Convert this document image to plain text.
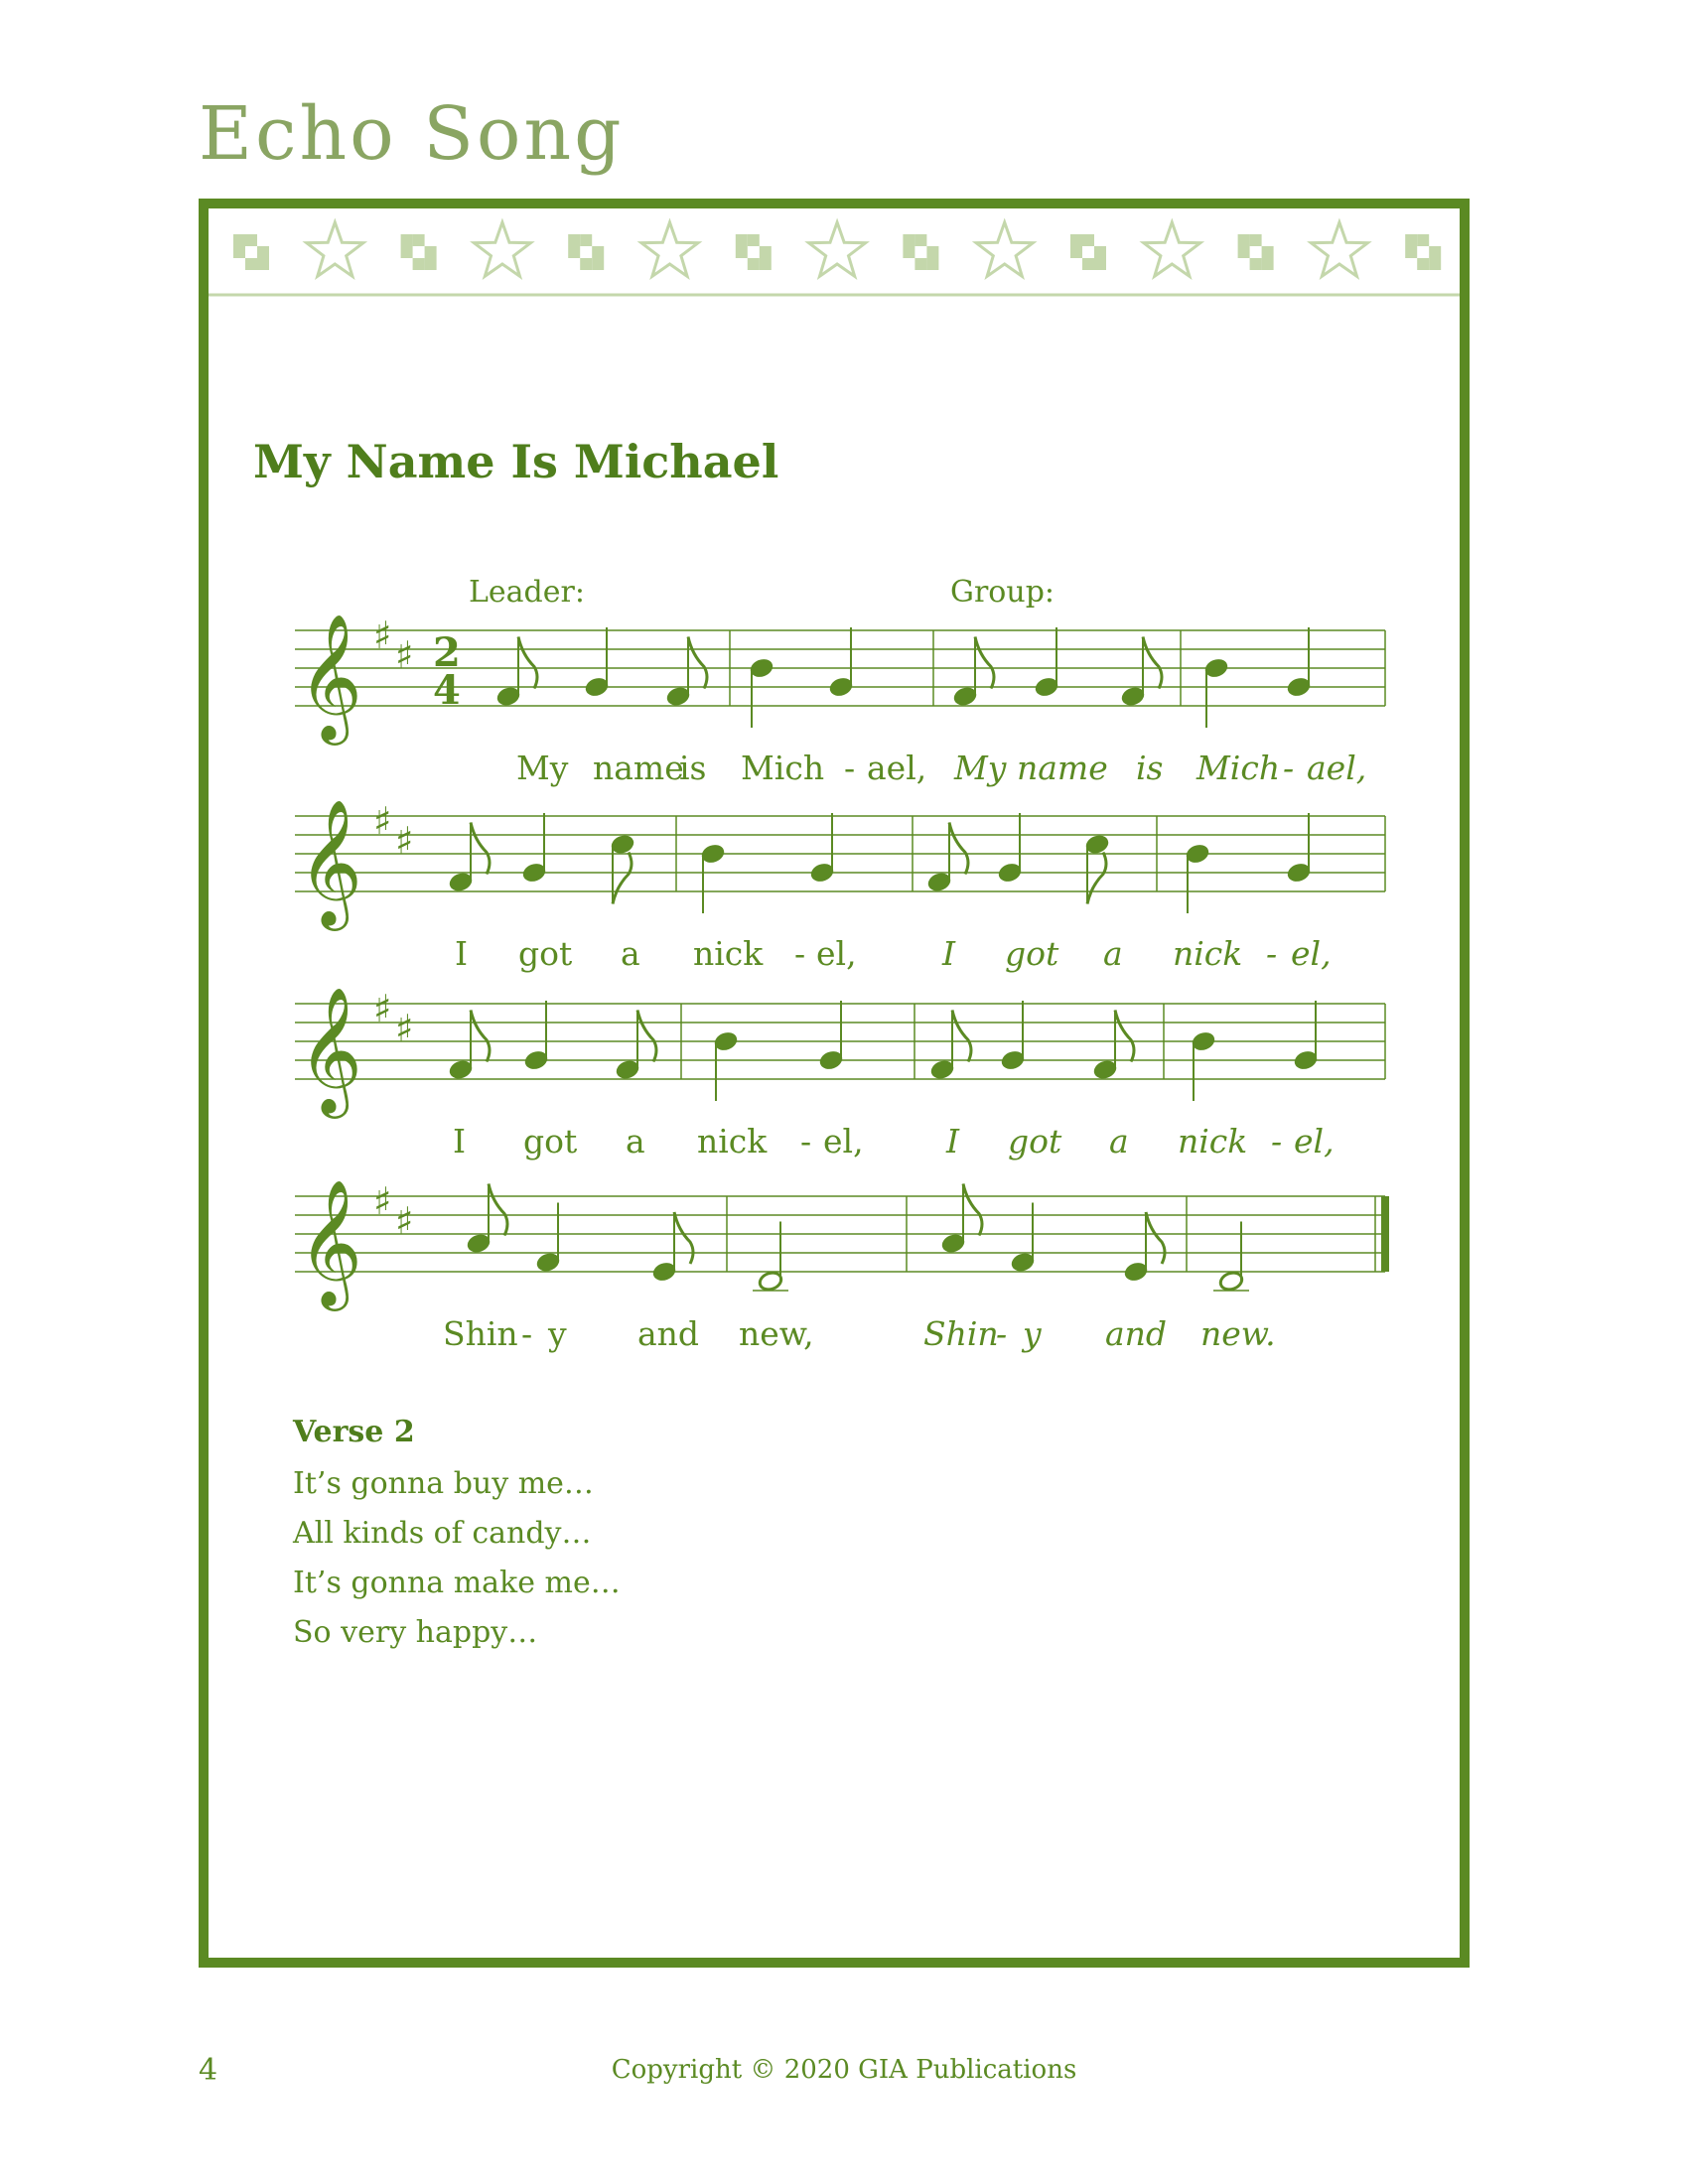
Echo Song
My Name Is Michael
Leader:	Group:
𝄞 ♯ ♯ 2
4
My name
is Mich - ael, My name is Mich - ael,
𝄞 ♯ ♯
I got a nick - el,	I got a nick - el,
𝄞 ♯ ♯
I got a nick - el,	I got a nick - el,
𝄞 ♯ ♯
Shin - y and new,	Shin
- y and new.
Verse 2
It’s gonna buy me…
All kinds of candy…
It’s gonna make me…
So very happy…
4	Copyright © 2020 GIA Publications
